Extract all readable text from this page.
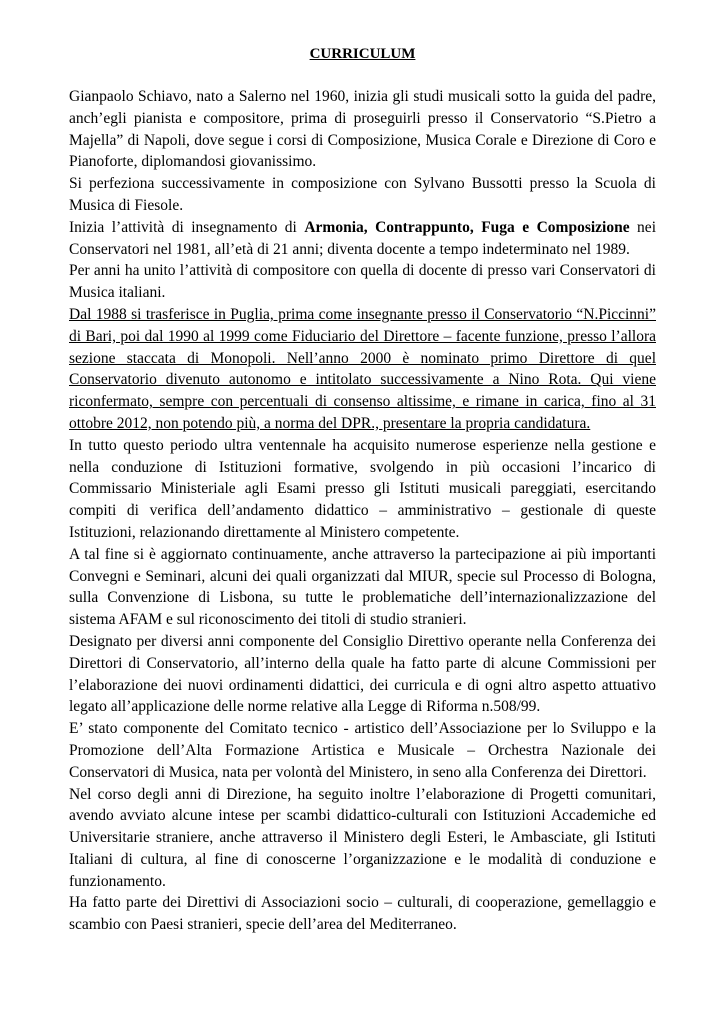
CURRICULUM

Gianpaolo Schiavo, nato a Salerno nel 1960, inizia gli studi musicali sotto la guida del padre, anch’egli pianista e compositore, prima di proseguirli presso il Conservatorio “S.Pietro a Majella” di Napoli, dove segue i corsi di Composizione, Musica Corale e Direzione di Coro e Pianoforte, diplomandosi giovanissimo.

Si perfeziona successivamente in composizione con Sylvano Bussotti presso la Scuola di Musica di Fiesole.

Inizia l’attività di insegnamento di Armonia, Contrappunto, Fuga e Composizione nei Conservatori nel 1981, all’età di 21 anni; diventa docente a tempo indeterminato nel 1989.

Per anni ha unito l’attività di compositore con quella di docente di presso vari Conservatori di Musica italiani.

Dal 1988 si trasferisce in Puglia, prima come insegnante presso il Conservatorio “N.Piccinni” di Bari, poi dal 1990 al 1999 come Fiduciario del Direttore – facente funzione, presso l’allora sezione staccata di Monopoli. Nell’anno 2000 è nominato primo Direttore di quel Conservatorio divenuto autonomo e intitolato successivamente a Nino Rota. Qui viene riconfermato, sempre con percentuali di consenso altissime, e rimane in carica, fino al 31 ottobre 2012, non potendo più, a norma del DPR., presentare la propria candidatura.

In tutto questo periodo ultra ventennale ha acquisito numerose esperienze nella gestione e nella conduzione di Istituzioni formative, svolgendo in più occasioni l’incarico di Commissario Ministeriale agli Esami presso gli Istituti musicali pareggiati, esercitando compiti di verifica dell’andamento didattico – amministrativo – gestionale di queste Istituzioni, relazionando direttamente al Ministero competente.

A tal fine si è aggiornato continuamente, anche attraverso la partecipazione ai più importanti Convegni e Seminari, alcuni dei quali organizzati dal MIUR, specie sul Processo di Bologna, sulla Convenzione di Lisbona, su tutte le problematiche dell’internazionalizzazione del sistema AFAM e sul riconoscimento dei titoli di studio stranieri.

Designato per diversi anni componente del Consiglio Direttivo operante nella Conferenza dei Direttori di Conservatorio, all’interno della quale ha fatto parte di alcune Commissioni per l’elaborazione dei nuovi ordinamenti didattici, dei curricula e di ogni altro aspetto attuativo legato all’applicazione delle norme relative alla Legge di Riforma n.508/99.

E’ stato componente del Comitato tecnico - artistico dell’Associazione per lo Sviluppo e la Promozione dell’Alta Formazione Artistica e Musicale – Orchestra Nazionale dei Conservatori di Musica, nata per volontà del Ministero, in seno alla Conferenza dei Direttori.

Nel corso degli anni di Direzione, ha seguito inoltre l’elaborazione di Progetti comunitari, avendo avviato alcune intese per scambi didattico-culturali con Istituzioni Accademiche ed Universitarie straniere, anche attraverso il Ministero degli Esteri, le Ambasciate, gli Istituti Italiani di cultura, al fine di conoscerne l’organizzazione e le modalità di conduzione e funzionamento.

Ha fatto parte dei Direttivi di Associazioni socio – culturali, di cooperazione, gemellaggio e scambio con Paesi stranieri, specie dell’area del Mediterraneo.
